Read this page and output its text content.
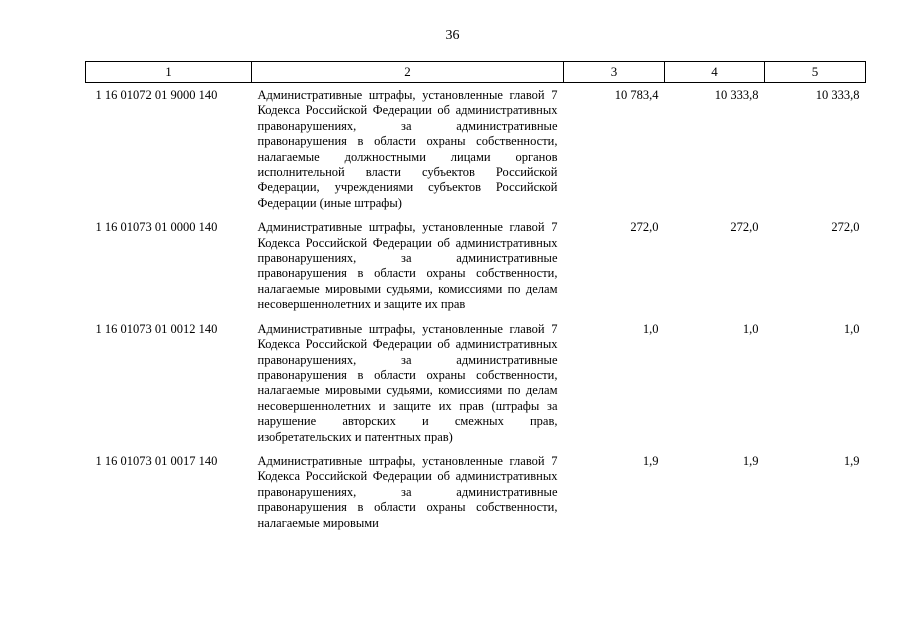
36
1	2	3	4	5
1 16 01072 01 9000 140	Административные штрафы, установленные главой 7 Кодекса Российской Федерации об административных правонарушениях, за административные правонарушения в области охраны собственности, налагаемые должностными лицами органов исполнительной власти субъектов Российской Федерации, учреждениями субъектов Российской Федерации (иные штрафы)	10 783,4	10 333,8	10 333,8
1 16 01073 01 0000 140	Административные штрафы, установленные главой 7 Кодекса Российской Федерации об административных правонарушениях, за административные правонарушения в области охраны собственности, налагаемые мировыми судьями, комиссиями по делам несовершеннолетних и защите их прав	272,0	272,0	272,0
1 16 01073 01 0012 140	Административные штрафы, установленные главой 7 Кодекса Российской Федерации об административных правонарушениях, за административные правонарушения в области охраны собственности, налагаемые мировыми судьями, комиссиями по делам несовершеннолетних и защите их прав (штрафы за нарушение авторских и смежных прав, изобретательских и патентных прав)	1,0	1,0	1,0
1 16 01073 01 0017 140	Административные штрафы, установленные главой 7 Кодекса Российской Федерации об административных правонарушениях, за административные правонарушения в области охраны собственности, налагаемые мировыми	1,9	1,9	1,9
